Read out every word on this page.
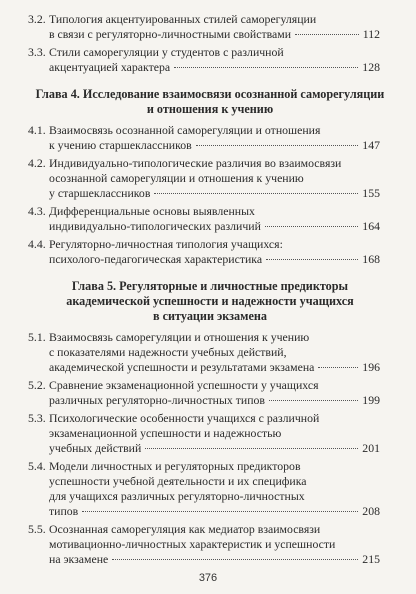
3.2. Типология акцентуированных стилей саморегуляции
в связи с регуляторно-личностными свойствами	112
3.3. Стили саморегуляции у студентов с различной
акцентуацией характера	128
Глава 4. Исследование взаимосвязи осознанной саморегуляции
и отношения к учению
4.1. Взаимосвязь осознанной саморегуляции и отношения
к учению старшеклассников	147
4.2. Индивидуально-типологические различия во взаимосвязи
осознанной саморегуляции и отношения к учению
у старшеклассников	155
4.3. Дифференциальные основы выявленных
индивидуально-типологических различий	164
4.4. Регуляторно-личностная типология учащихся:
психолого-педагогическая характеристика	168
Глава 5. Регуляторные и личностные предикторы
академической успешности и надежности учащихся
в ситуации экзамена
5.1. Взаимосвязь саморегуляции и отношения к учению
с показателями надежности учебных действий,
академической успешности и результатами экзамена	196
5.2. Сравнение экзаменационной успешности у учащихся
различных регуляторно-личностных типов	199
5.3. Психологические особенности учащихся с различной
экзаменационной успешности и надежностью
учебных действий	201
5.4. Модели личностных и регуляторных предикторов
успешности учебной деятельности и их специфика
для учащихся различных регуляторно-личностных
типов	208
5.5. Осознанная саморегуляция как медиатор взаимосвязи
мотивационно-личностных характеристик и успешности
на экзамене	215
376
